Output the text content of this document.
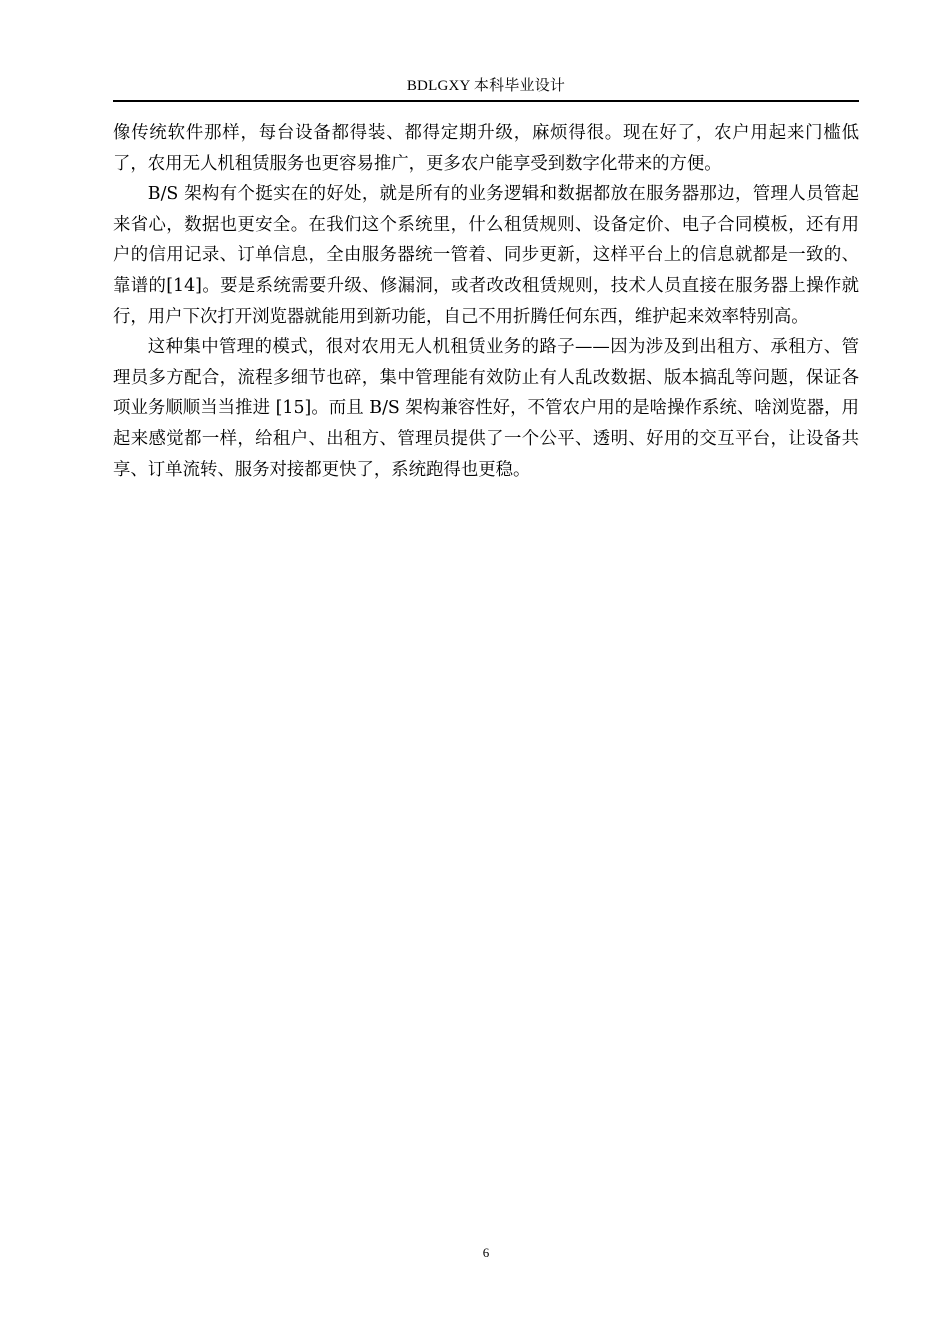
BDLGXY 本科毕业设计

像传统软件那样，每台设备都得装、都得定期升级，麻烦得很。现在好了，农户用起来门槛低了，农用无人机租赁服务也更容易推广，更多农户能享受到数字化带来的方便。

B/S 架构有个挺实在的好处，就是所有的业务逻辑和数据都放在服务器那边，管理人员管起来省心，数据也更安全。在我们这个系统里，什么租赁规则、设备定价、电子合同模板，还有用户的信用记录、订单信息，全由服务器统一管着、同步更新，这样平台上的信息就都是一致的、靠谱的[14]。要是系统需要升级、修漏洞，或者改改租赁规则，技术人员直接在服务器上操作就行，用户下次打开浏览器就能用到新功能，自己不用折腾任何东西，维护起来效率特别高。

这种集中管理的模式，很对农用无人机租赁业务的路子——因为涉及到出租方、承租方、管理员多方配合，流程多细节也碎，集中管理能有效防止有人乱改数据、版本搞乱等问题，保证各项业务顺顺当当推进 [15]。而且 B/S 架构兼容性好，不管农户用的是啥操作系统、啥浏览器，用起来感觉都一样，给租户、出租方、管理员提供了一个公平、透明、好用的交互平台，让设备共享、订单流转、服务对接都更快了，系统跑得也更稳。

6
